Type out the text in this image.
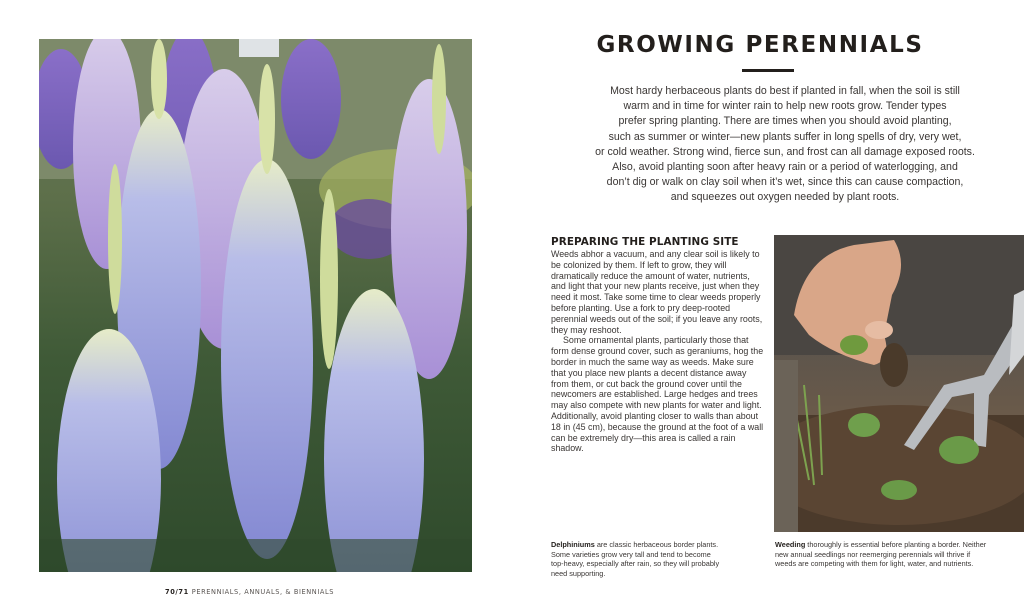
GROWING PERENNIALS
Most hardy herbaceous plants do best if planted in fall, when the soil is still
warm and in time for winter rain to help new roots grow. Tender types
prefer spring planting. There are times when you should avoid planting,
such as summer or winter—new plants suffer in long spells of dry, very wet,
or cold weather. Strong wind, fierce sun, and frost can all damage exposed roots.
Also, avoid planting soon after heavy rain or a period of waterlogging, and
don’t dig or walk on clay soil when it’s wet, since this can cause compaction,
and squeezes out oxygen needed by plant roots.
PREPARING THE PLANTING SITE

Weeds abhor a vacuum, and any clear soil is likely to be colonized by them. If left to grow, they will dramatically reduce the amount of water, nutrients, and light that your new plants receive, just when they need it most. Take some time to clear weeds properly before planting. Use a fork to pry deep-rooted perennial weeds out of the soil; if you leave any roots, they may reshoot.

Some ornamental plants, particularly those that form dense ground cover, such as geraniums, hog the border in much the same way as weeds. Make sure that you place new plants a decent distance away from them, or cut back the ground cover until the newcomers are established. Large hedges and trees may also compete with new plants for water and light. Additionally, avoid planting closer to walls than about 18 in (45 cm), because the ground at the foot of a wall can be extremely dry—this area is called a rain shadow.

Delphiniums are classic herbaceous border plants. Some varieties grow very tall and tend to become top-heavy, especially after rain, so they will probably need supporting.
Weeding thoroughly is essential before planting a border. Neither new annual seedlings nor reemerging perennials will thrive if weeds are competing with them for light, water, and nutrients.
70/71 PERENNIALS, ANNUALS, & BIENNIALS
